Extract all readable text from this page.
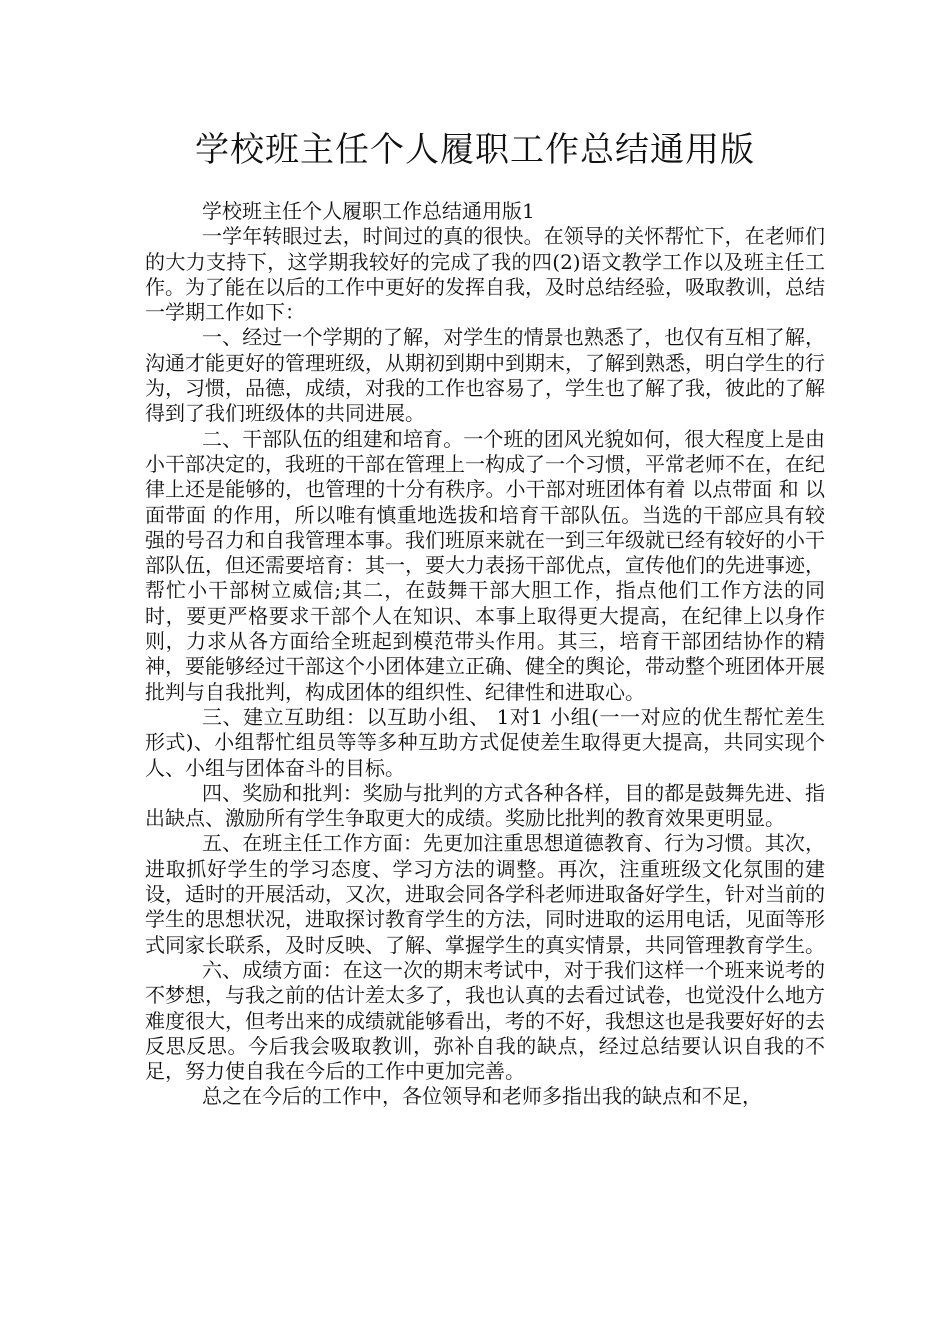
学校班主任个人履职工作总结通用版

学校班主任个人履职工作总结通用版1

一学年转眼过去，时间过的真的很快。在领导的关怀帮忙下，在老师们的大力支持下，这学期我较好的完成了我的四(2)语文教学工作以及班主任工作。为了能在以后的工作中更好的发挥自我，及时总结经验，吸取教训，总结一学期工作如下：

一、经过一个学期的了解，对学生的情景也熟悉了，也仅有互相了解，沟通才能更好的管理班级，从期初到期中到期末，了解到熟悉，明白学生的行为，习惯，品德，成绩，对我的工作也容易了，学生也了解了我，彼此的了解得到了我们班级体的共同进展。

二、干部队伍的组建和培育。一个班的团风光貌如何，很大程度上是由小干部决定的，我班的干部在管理上一构成了一个习惯，平常老师不在，在纪律上还是能够的，也管理的十分有秩序。小干部对班团体有着 以点带面 和 以面带面 的作用，所以唯有慎重地选拔和培育干部队伍。当选的干部应具有较强的号召力和自我管理本事。我们班原来就在一到三年级就已经有较好的小干部队伍，但还需要培育：其一，要大力表扬干部优点，宣传他们的先进事迹，帮忙小干部树立威信;其二，在鼓舞干部大胆工作，指点他们工作方法的同时，要更严格要求干部个人在知识、本事上取得更大提高，在纪律上以身作则，力求从各方面给全班起到模范带头作用。其三，培育干部团结协作的精神，要能够经过干部这个小团体建立正确、健全的舆论，带动整个班团体开展批判与自我批判，构成团体的组织性、纪律性和进取心。

三、建立互助组：以互助小组、 1对1 小组(一一对应的优生帮忙差生形式)、小组帮忙组员等等多种互助方式促使差生取得更大提高，共同实现个人、小组与团体奋斗的目标。

四、奖励和批判：奖励与批判的方式各种各样，目的都是鼓舞先进、指出缺点、激励所有学生争取更大的成绩。奖励比批判的教育效果更明显。

五、在班主任工作方面：先更加注重思想道德教育、行为习惯。其次，进取抓好学生的学习态度、学习方法的调整。再次，注重班级文化氛围的建设，适时的开展活动，又次，进取会同各学科老师进取备好学生，针对当前的学生的思想状况，进取探讨教育学生的方法，同时进取的运用电话，见面等形式同家长联系，及时反映、了解、掌握学生的真实情景，共同管理教育学生。

六、成绩方面：在这一次的期末考试中，对于我们这样一个班来说考的不梦想，与我之前的估计差太多了，我也认真的去看过试卷，也觉没什么地方难度很大，但考出来的成绩就能够看出，考的不好，我想这也是我要好好的去反思反思。今后我会吸取教训，弥补自我的缺点，经过总结要认识自我的不足，努力使自我在今后的工作中更加完善。

总之在今后的工作中，各位领导和老师多指出我的缺点和不足，
